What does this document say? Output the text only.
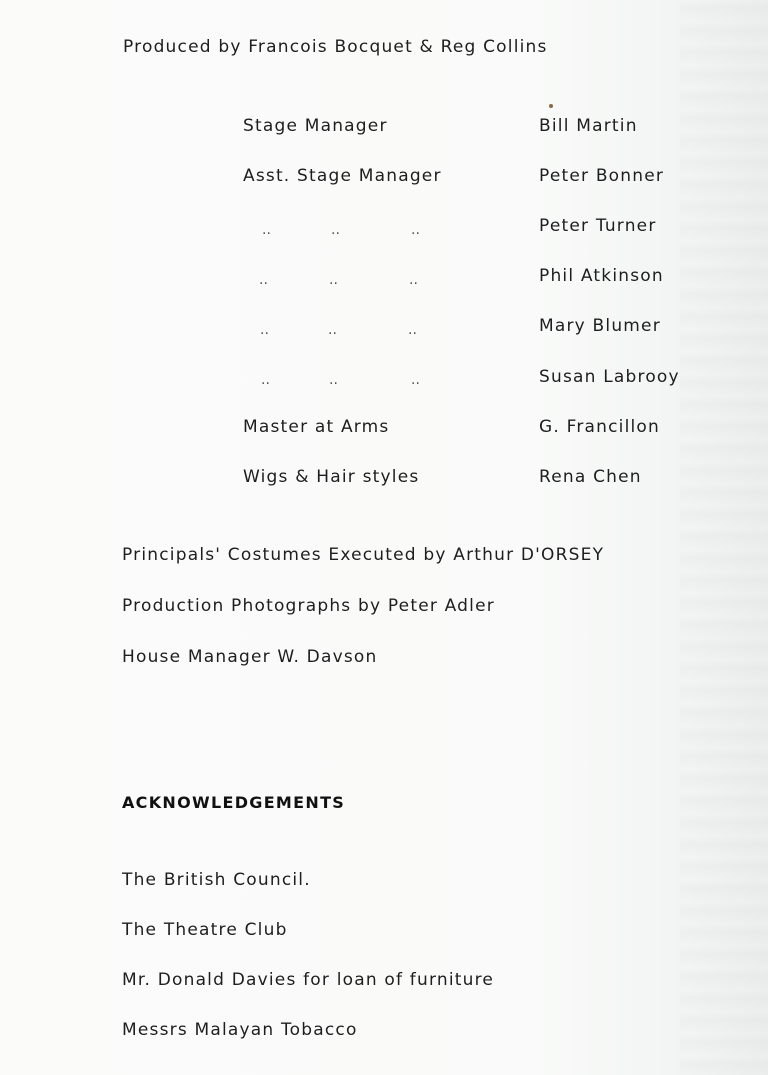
Produced by Francois Bocquet & Reg Collins
Stage Manager	Bill Martin
Asst. Stage Manager	Peter Bonner
..	..	..	Peter Turner
..	..	..	Phil Atkinson
..	..	..	Mary Blumer
..	..	..	Susan Labrooy
Master at Arms	G. Francillon
Wigs & Hair styles	Rena Chen
Principals' Costumes Executed by Arthur D'ORSEY
Production Photographs by Peter Adler
House Manager W. Davson
ACKNOWLEDGEMENTS
The British Council.
The Theatre Club
Mr. Donald Davies for loan of furniture
Messrs Malayan Tobacco
